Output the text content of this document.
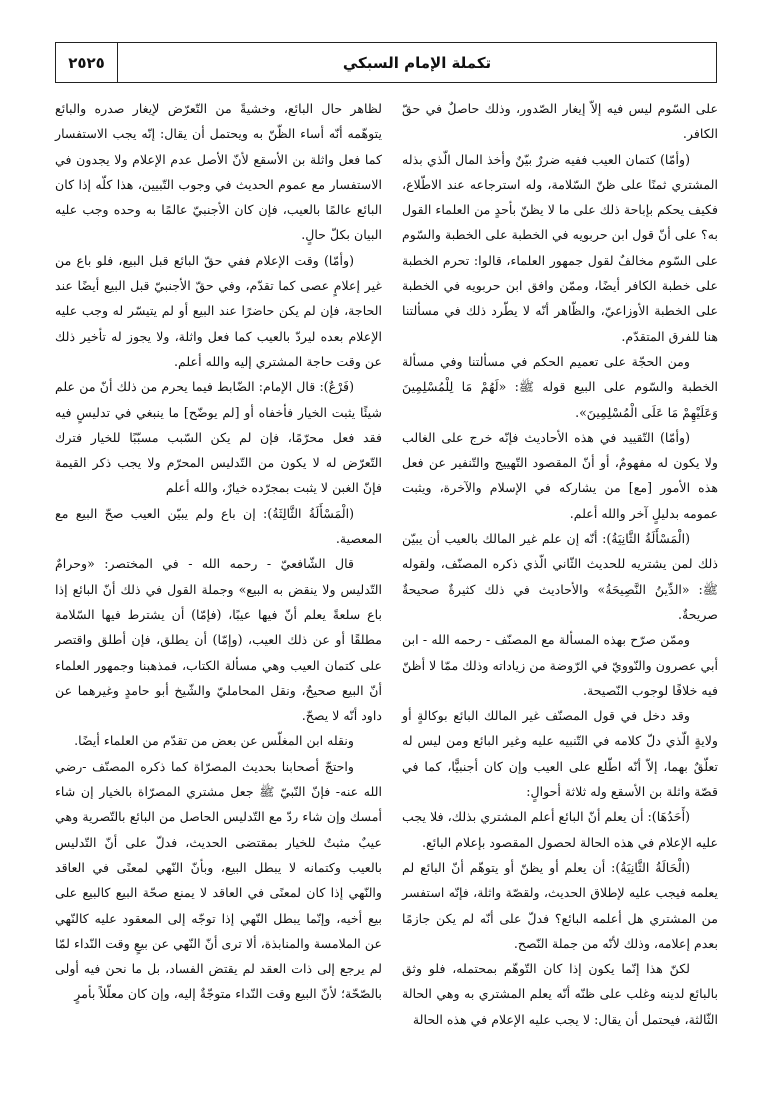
٢٥٢٥	تكملة الإمام السبكي

على السّوم ليس فيه إلاّ إيغار الصّدور، وذلك حاصلٌ في حقّ الكافر.

(وأمّا) كتمان العيب ففيه ضررٌ بيّنٌ وأخذ المال الّذي بذله المشتري ثمنًا على ظنّ السّلامة، وله استرجاعه عند الاطّلاع، فكيف يحكم بإباحة ذلك على ما لا يظنّ بأحدٍ من العلماء القول به؟ على أنّ قول ابن حربويه في الخطبة على الخطبة والسّوم على السّوم مخالفٌ لقول جمهور العلماء، قالوا: تحرم الخطبة على خطبة الكافر أيضًا، وممّن وافق ابن حربويه في الخطبة على الخطبة الأوزاعيّ، والظّاهر أنّه لا يطّرد ذلك في مسألتنا هنا للفرق المتقدّم.

ومن الحجّة على تعميم الحكم في مسألتنا وفي مسألة الخطبة والسّوم على البيع قوله ﷺ: «لَهُمْ مَا لِلْمُسْلِمِينَ وَعَلَيْهِمْ مَا عَلَى الْمُسْلِمِينَ».

(وأمّا) التّقييد في هذه الأحاديث فإنّه خرج على الغالب ولا يكون له مفهومٌ، أو أنّ المقصود التّهييج والتّنفير عن فعل هذه الأمور [مع] من يشاركه في الإسلام والآخرة، ويثبت عمومه بدليلٍ آخر والله أعلم.

(الْمَسْأَلَةُ الثَّانِيَةُ): أنّه إن علم غير المالك بالعيب أن يبيّن ذلك لمن يشتريه للحديث الثّاني الّذي ذكره المصنّف، ولقوله ﷺ: «الدِّينُ النَّصِيحَةُ» والأحاديث في ذلك كثيرةٌ صحيحةٌ صريحةٌ.

وممّن صرّح بهذه المسألة مع المصنّف - رحمه الله - ابن أبي عصرون والنّوويّ في الرّوضة من زياداته وذلك ممّا لا أظنّ فيه خلافًا لوجوب النّصيحة.

وقد دخل في قول المصنّف غير المالك البائع بوكالةٍ أو ولايةٍ الّذي دلّ كلامه في التّنبيه عليه وغير البائع ومن ليس له تعلّقٌ بهما، إلاّ أنّه اطّلع على العيب وإن كان أجنبيًّا، كما في قصّة واثلة بن الأسقع وله ثلاثة أحوالٍ:

(أَحَدُهَا): أن يعلم أنّ البائع أعلم المشتري بذلك، فلا يجب عليه الإعلام في هذه الحالة لحصول المقصود بإعلام البائع.

(الْحَالَةُ الثَّانِيَةُ): أن يعلم أو يظنّ أو يتوهّم أنّ البائع لم يعلمه فيجب عليه لإطلاق الحديث، ولقصّة واثلة، فإنّه استفسر من المشتري هل أعلمه البائع؟ فدلّ على أنّه لم يكن جازمًا بعدم إعلامه، وذلك لأنّه من جملة النّصح.

لكنّ هذا إنّما يكون إذا كان التّوهّم بمحتمله، فلو وثق بالبائع لدينه وغلب على ظنّه أنّه يعلم المشتري به وهي الحالة الثّالثة، فيحتمل أن يقال: لا يجب عليه الإعلام في هذه الحالة

لظاهر حال البائع، وخشيةً من التّعرّض لإيغار صدره والبائع يتوهّمه أنّه أساء الظّنّ به ويحتمل أن يقال: إنّه يجب الاستفسار كما فعل واثلة بن الأسقع لأنّ الأصل عدم الإعلام ولا يجدون في الاستفسار مع عموم الحديث في وجوب التّبيين، هذا كلّه إذا كان البائع عالمًا بالعيب، فإن كان الأجنبيّ عالمًا به وحده وجب عليه البيان بكلّ حالٍ.

(وأمّا) وقت الإعلام ففي حقّ البائع قبل البيع، فلو باع من غير إعلامٍ عصى كما تقدّم، وفي حقّ الأجنبيّ قبل البيع أيضًا عند الحاجة، فإن لم يكن حاضرًا عند البيع أو لم يتيسّر له وجب عليه الإعلام بعده ليردّ بالعيب كما فعل واثلة، ولا يجوز له تأخير ذلك عن وقت حاجة المشتري إليه والله أعلم.

(فَرْعٌ): قال الإمام: الضّابط فيما يحرم من ذلك أنّ من علم شيئًا يثبت الخيار فأخفاه أو [لم يوضّح] ما ينبغي في تدليسٍ فيه فقد فعل محرّمًا، فإن لم يكن السّبب مسبّبًا للخيار فترك التّعرّض له لا يكون من التّدليس المحرّم ولا يجب ذكر القيمة فإنّ الغبن لا يثبت بمجرّده خيارٌ، والله أعلم

(الْمَسْأَلَةُ الثَّالِثَةُ): إن باع ولم يبيّن العيب صحّ البيع مع المعصية.

قال الشّافعيّ - رحمه الله - في المختصر: «وحرامٌ التّدليس ولا ينقض به البيع» وجملة القول في ذلك أنّ البائع إذا باع سلعةً يعلم أنّ فيها عيبًا، (فإمّا) أن يشترط فيها السّلامة مطلقًا أو عن ذلك العيب، (وإمّا) أن يطلق، فإن أطلق واقتصر على كتمان العيب وهي مسألة الكتاب، فمذهبنا وجمهور العلماء أنّ البيع صحيحٌ، ونقل المحامليّ والشّيخ أبو حامدٍ وغيرهما عن داود أنّه لا يصحّ.

ونقله ابن المغلّس عن بعض من تقدّم من العلماء أيضًا.

واحتجّ أصحابنا بحديث المصرّاة كما ذكره المصنّف -رضي الله عنه- فإنّ النّبيّ ﷺ جعل مشتري المصرّاة بالخيار إن شاء أمسك وإن شاء ردّ مع التّدليس الحاصل من البائع بالتّصرية وهي عيبٌ مثبتٌ للخيار بمقتضى الحديث، فدلّ على أنّ التّدليس بالعيب وكتمانه لا يبطل البيع، وبأنّ النّهي لمعنًى في العاقد والنّهي إذا كان لمعنًى في العاقد لا يمنع صحّة البيع كالبيع على بيع أخيه، وإنّما يبطل النّهي إذا توجّه إلى المعقود عليه كالنّهي عن الملامسة والمنابذة، ألا ترى أنّ النّهي عن بيعٍ وقت النّداء لمّا لم يرجع إلى ذات العقد لم يقتض الفساد، بل ما نحن فيه أولى بالصّحّة؛ لأنّ البيع وقت النّداء متوجّةٌ إليه، وإن كان معلّلاً بأمرٍ
